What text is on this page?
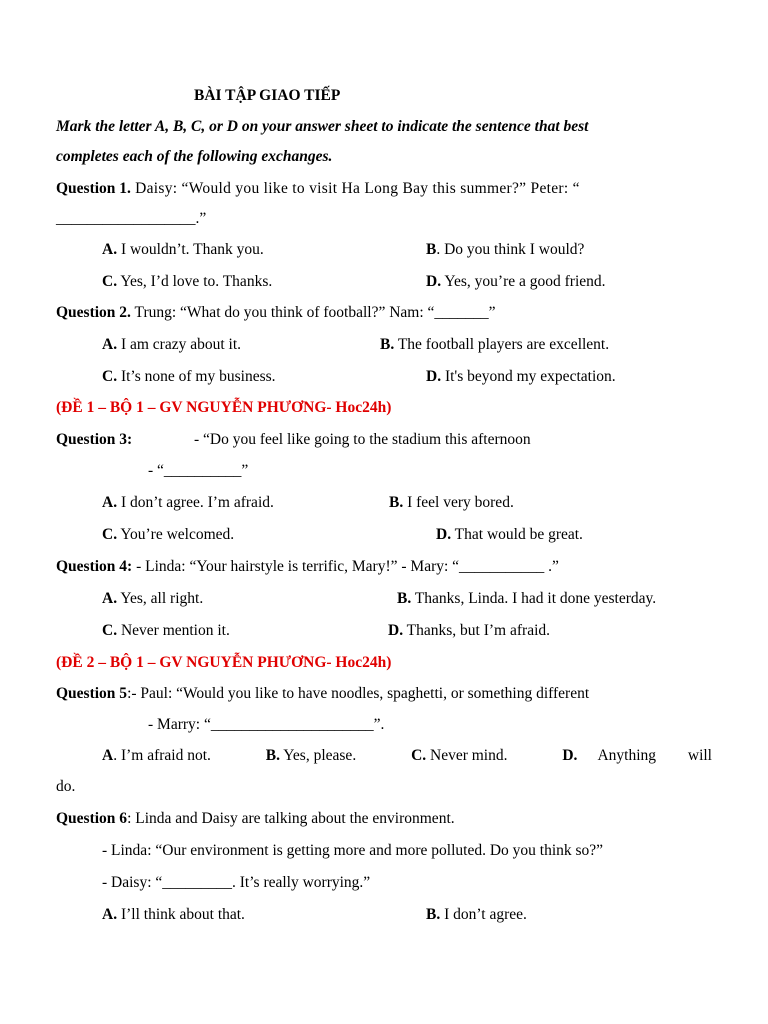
BÀI TẬP GIAO TIẾP
Mark the letter A, B, C, or D on your answer sheet to indicate the sentence that best
completes each of the following exchanges.
Question 1. Daisy: “Would you like to visit Ha Long Bay this summer?” Peter: “
__________________.”
A. I wouldn’t. Thank you.	B. Do you think I would?
C. Yes, I’d love to. Thanks.	D. Yes, you’re a good friend.
Question 2. Trung: “What do you think of football?” Nam: “_______”
A. I am crazy about it.	B. The football players are excellent.
C. It’s none of my business.	D. It's beyond my expectation.
(ĐỀ 1 – BỘ 1 – GV NGUYỄN PHƯƠNG- Hoc24h)
Question 3:	- “Do you feel like going to the stadium this afternoon
- “__________”
A. I don’t agree. I’m afraid.	B. I feel very bored.
C. You’re welcomed.	D. That would be great.
Question 4: - Linda: “Your hairstyle is terrific, Mary!” - Mary: “___________ .”
A. Yes, all right.	B. Thanks, Linda. I had it done yesterday.
C. Never mention it.	D. Thanks, but I’m afraid.
(ĐỀ 2 – BỘ 1 – GV NGUYỄN PHƯƠNG- Hoc24h)
Question 5:- Paul: “Would you like to have noodles, spaghetti, or something different
- Marry: “_____________________”.
A. I’m afraid not.	B. Yes, please.	C. Never mind.	D. Anything will
do.
Question 6: Linda and Daisy are talking about the environment.
- Linda: “Our environment is getting more and more polluted. Do you think so?”
- Daisy: “_________. It’s really worrying.”
A. I’ll think about that.	B. I don’t agree.
